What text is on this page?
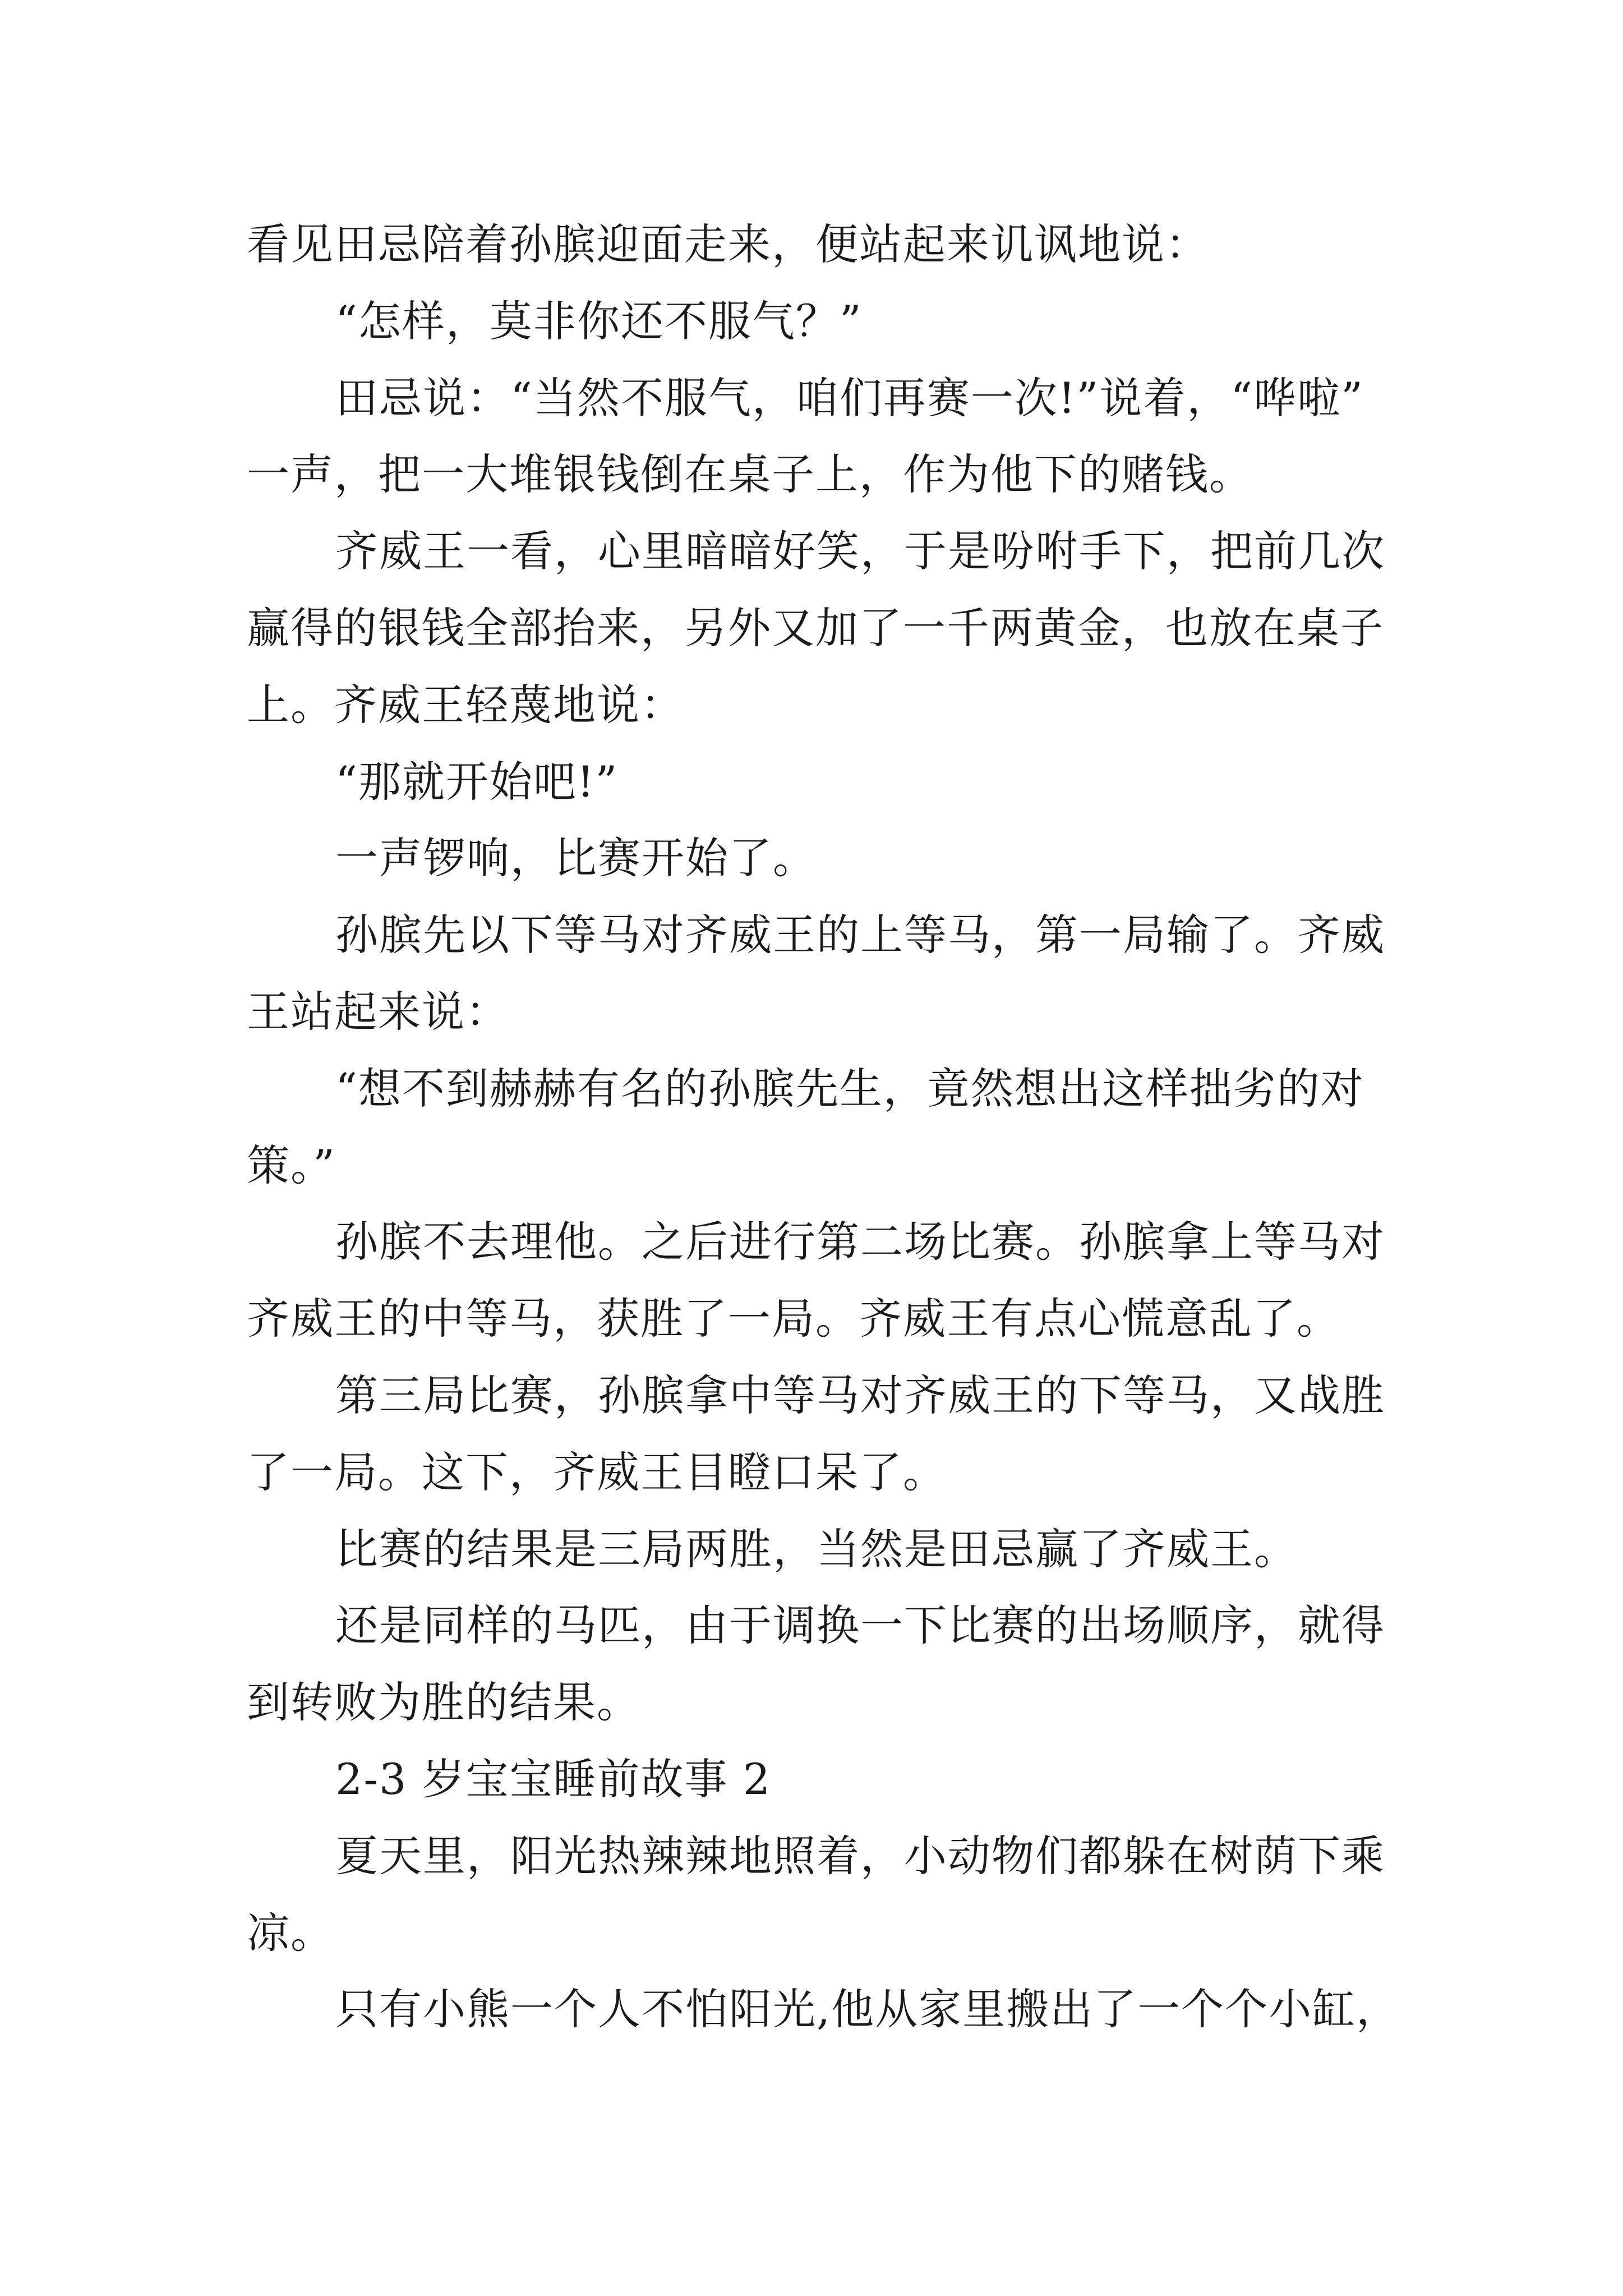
看见田忌陪着孙膑迎面走来，便站起来讥讽地说：
“怎样，莫非你还不服气？”
田忌说：“当然不服气，咱们再赛一次!”说着，“哗啦”
一声，把一大堆银钱倒在桌子上，作为他下的赌钱。
齐威王一看，心里暗暗好笑，于是吩咐手下，把前几次
赢得的银钱全部抬来，另外又加了一千两黄金，也放在桌子
上。齐威王轻蔑地说：
“那就开始吧!”
一声锣响，比赛开始了。
孙膑先以下等马对齐威王的上等马，第一局输了。齐威
王站起来说：
“想不到赫赫有名的孙膑先生，竟然想出这样拙劣的对
策。”
孙膑不去理他。之后进行第二场比赛。孙膑拿上等马对
齐威王的中等马，获胜了一局。齐威王有点心慌意乱了。
第三局比赛，孙膑拿中等马对齐威王的下等马，又战胜
了一局。这下，齐威王目瞪口呆了。
比赛的结果是三局两胜，当然是田忌赢了齐威王。
还是同样的马匹，由于调换一下比赛的出场顺序，就得
到转败为胜的结果。
2-3 岁宝宝睡前故事 2
夏天里，阳光热辣辣地照着，小动物们都躲在树荫下乘
凉。
只有小熊一个人不怕阳光,他从家里搬出了一个个小缸，
